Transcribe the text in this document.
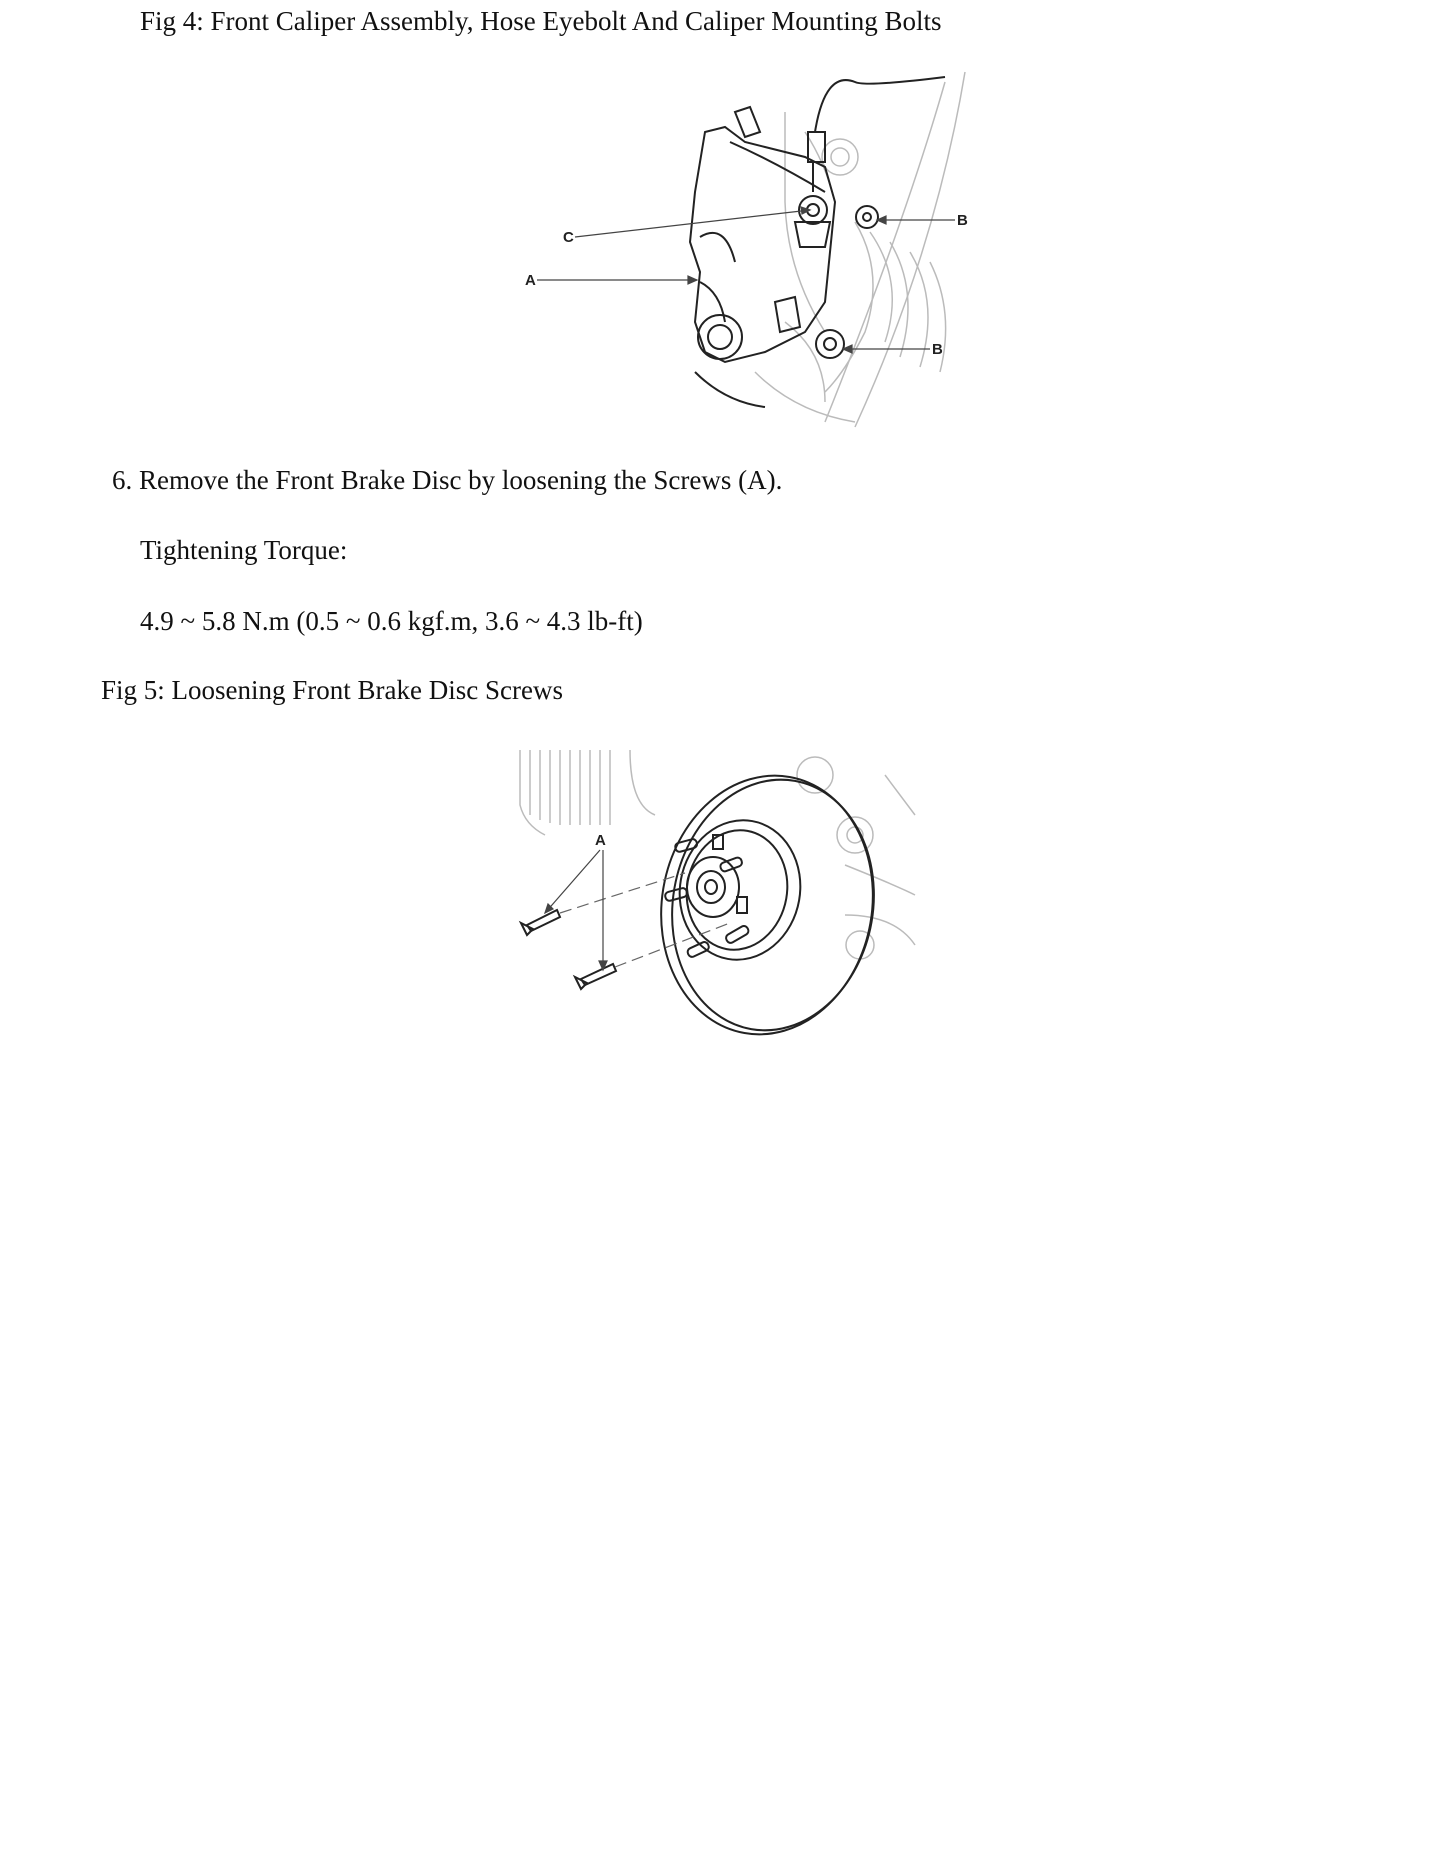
Fig 4: Front Caliper Assembly, Hose Eyebolt And Caliper Mounting Bolts
C
B
A
B
6. Remove the Front Brake Disc by loosening the Screws (A).
Tightening Torque:
4.9 ~ 5.8 N.m (0.5 ~ 0.6 kgf.m, 3.6 ~ 4.3 lb-ft)
Fig 5: Loosening Front Brake Disc Screws
A
